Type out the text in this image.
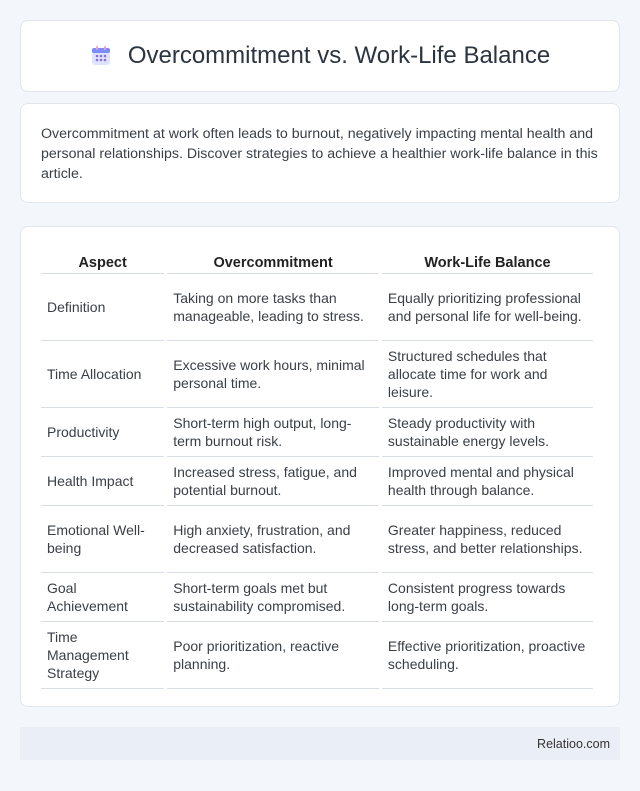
Overcommitment vs. Work-Life Balance

Overcommitment at work often leads to burnout, negatively impacting mental health and personal relationships. Discover strategies to achieve a healthier work-life balance in this article.

Aspect	Overcommitment	Work-Life Balance
Definition	Taking on more tasks than manageable, leading to stress.	Equally prioritizing professional and personal life for well-being.
Time Allocation	Excessive work hours, minimal personal time.	Structured schedules that allocate time for work and leisure.
Productivity	Short-term high output, long-term burnout risk.	Steady productivity with sustainable energy levels.
Health Impact	Increased stress, fatigue, and potential burnout.	Improved mental and physical health through balance.
Emotional Well-being	High anxiety, frustration, and decreased satisfaction.	Greater happiness, reduced stress, and better relationships.
Goal Achievement	Short-term goals met but sustainability compromised.	Consistent progress towards long-term goals.
Time Management Strategy	Poor prioritization, reactive planning.	Effective prioritization, proactive scheduling.
Relatioo.com
